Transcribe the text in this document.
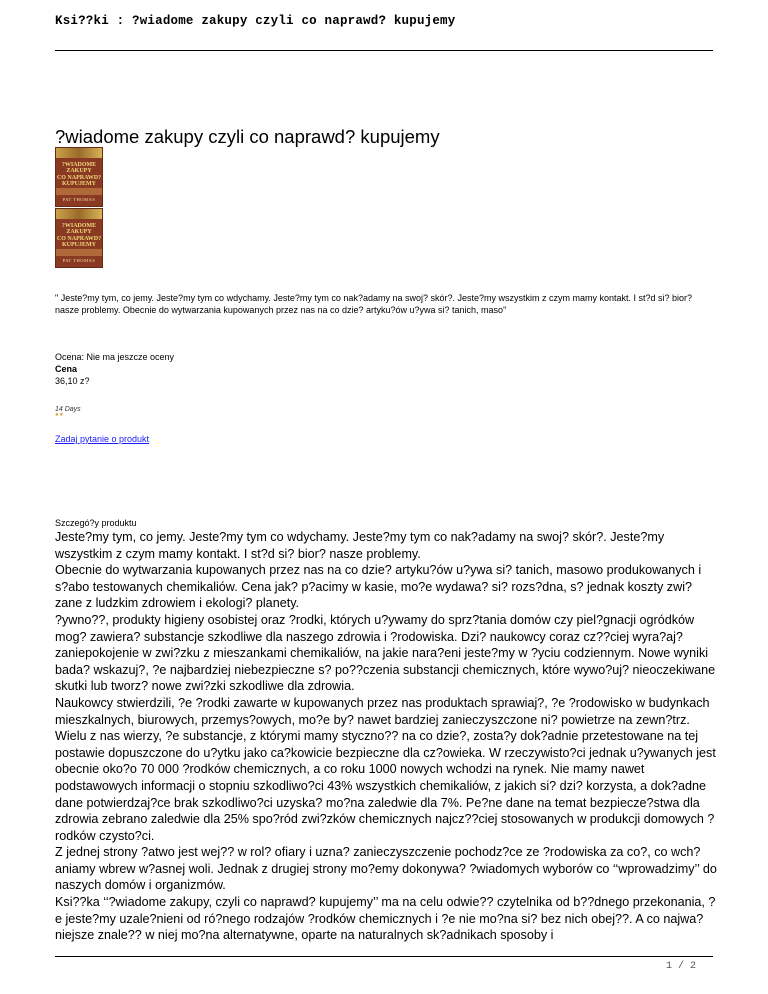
Ksi??ki : ?wiadome zakupy czyli co naprawd? kupujemy
?wiadome zakupy czyli co naprawd? kupujemy
?WIADOME
ZAKUPY
CO NAPRAWD?
KUPUJEMY
PAT THOMAS
?WIADOME
ZAKUPY
CO NAPRAWD?
KUPUJEMY
PAT THOMAS
" Jeste?my tym, co jemy. Jeste?my tym co wdychamy. Jeste?my tym co nak?adamy na swoj? skór?. Jeste?my wszystkim z czym mamy kontakt. I st?d si? bior? nasze problemy. Obecnie do wytwarzania kupowanych przez nas na co dzie? artyku?ów u?ywa si? tanich, maso"
Ocena: Nie ma jeszcze oceny
Cena
36,10 z?
14 Days
●●
Zadaj pytanie o produkt
Szczegó?y produktu

Jeste?my tym, co jemy. Jeste?my tym co wdychamy. Jeste?my tym co nak?adamy na swoj? skór?. Jeste?my wszystkim z czym mamy kontakt. I st?d si? bior? nasze problemy.

Obecnie do wytwarzania kupowanych przez nas na co dzie? artyku?ów u?ywa si? tanich, masowo produkowanych i s?abo testowanych chemikaliów. Cena jak? p?acimy w kasie, mo?e wydawa? si? rozs?dna, s? jednak koszty zwi?zane z ludzkim zdrowiem i ekologi? planety.

?ywno??, produkty higieny osobistej oraz ?rodki, których u?ywamy do sprz?tania domów czy piel?gnacji ogródków mog? zawiera? substancje szkodliwe dla naszego zdrowia i ?rodowiska. Dzi? naukowcy coraz cz??ciej wyra?aj? zaniepokojenie w zwi?zku z mieszankami chemikaliów, na jakie nara?eni jeste?my w ?yciu codziennym. Nowe wyniki bada? wskazuj?, ?e najbardziej niebezpieczne s? po??czenia substancji chemicznych, które wywo?uj? nieoczekiwane skutki lub tworz? nowe zwi?zki szkodliwe dla zdrowia.

Naukowcy stwierdzili, ?e ?rodki zawarte w kupowanych przez nas produktach sprawiaj?, ?e ?rodowisko w budynkach mieszkalnych, biurowych, przemys?owych, mo?e by? nawet bardziej zanieczyszczone ni? powietrze na zewn?trz. Wielu z nas wierzy, ?e substancje, z którymi mamy styczno?? na co dzie?, zosta?y dok?adnie przetestowane na tej postawie dopuszczone do u?ytku jako ca?kowicie bezpieczne dla cz?owieka. W rzeczywisto?ci jednak u?ywanych jest obecnie oko?o 70 000 ?rodków chemicznych, a co roku 1000 nowych wchodzi na rynek. Nie mamy nawet podstawowych informacji o stopniu szkodliwo?ci 43% wszystkich chemikaliów, z jakich si? dzi? korzysta, a dok?adne dane potwierdzaj?ce brak szkodliwo?ci uzyska? mo?na zaledwie dla 7%. Pe?ne dane na temat bezpiecze?stwa dla zdrowia zebrano zaledwie dla 25% spo?ród zwi?zków chemicznych najcz??ciej stosowanych w produkcji domowych ?rodków czysto?ci.

Z jednej strony ?atwo jest wej?? w rol? ofiary i uzna? zanieczyszczenie pochodz?ce ze ?rodowiska za co?, co wch?aniamy wbrew w?asnej woli. Jednak z drugiej strony mo?emy dokonywa? ?wiadomych wyborów co ‘‘wprowadzimy’’ do naszych domów i organizmów.

Ksi??ka ‘‘?wiadome zakupy, czyli co naprawd? kupujemy’’ ma na celu odwie?? czytelnika od b??dnego przekonania, ?e jeste?my uzale?nieni od ró?nego rodzajów ?rodków chemicznych i ?e nie mo?na si? bez nich obej??. A co najwa?niejsze znale?? w niej mo?na alternatywne, oparte na naturalnych sk?adnikach sposoby i

1 / 2
